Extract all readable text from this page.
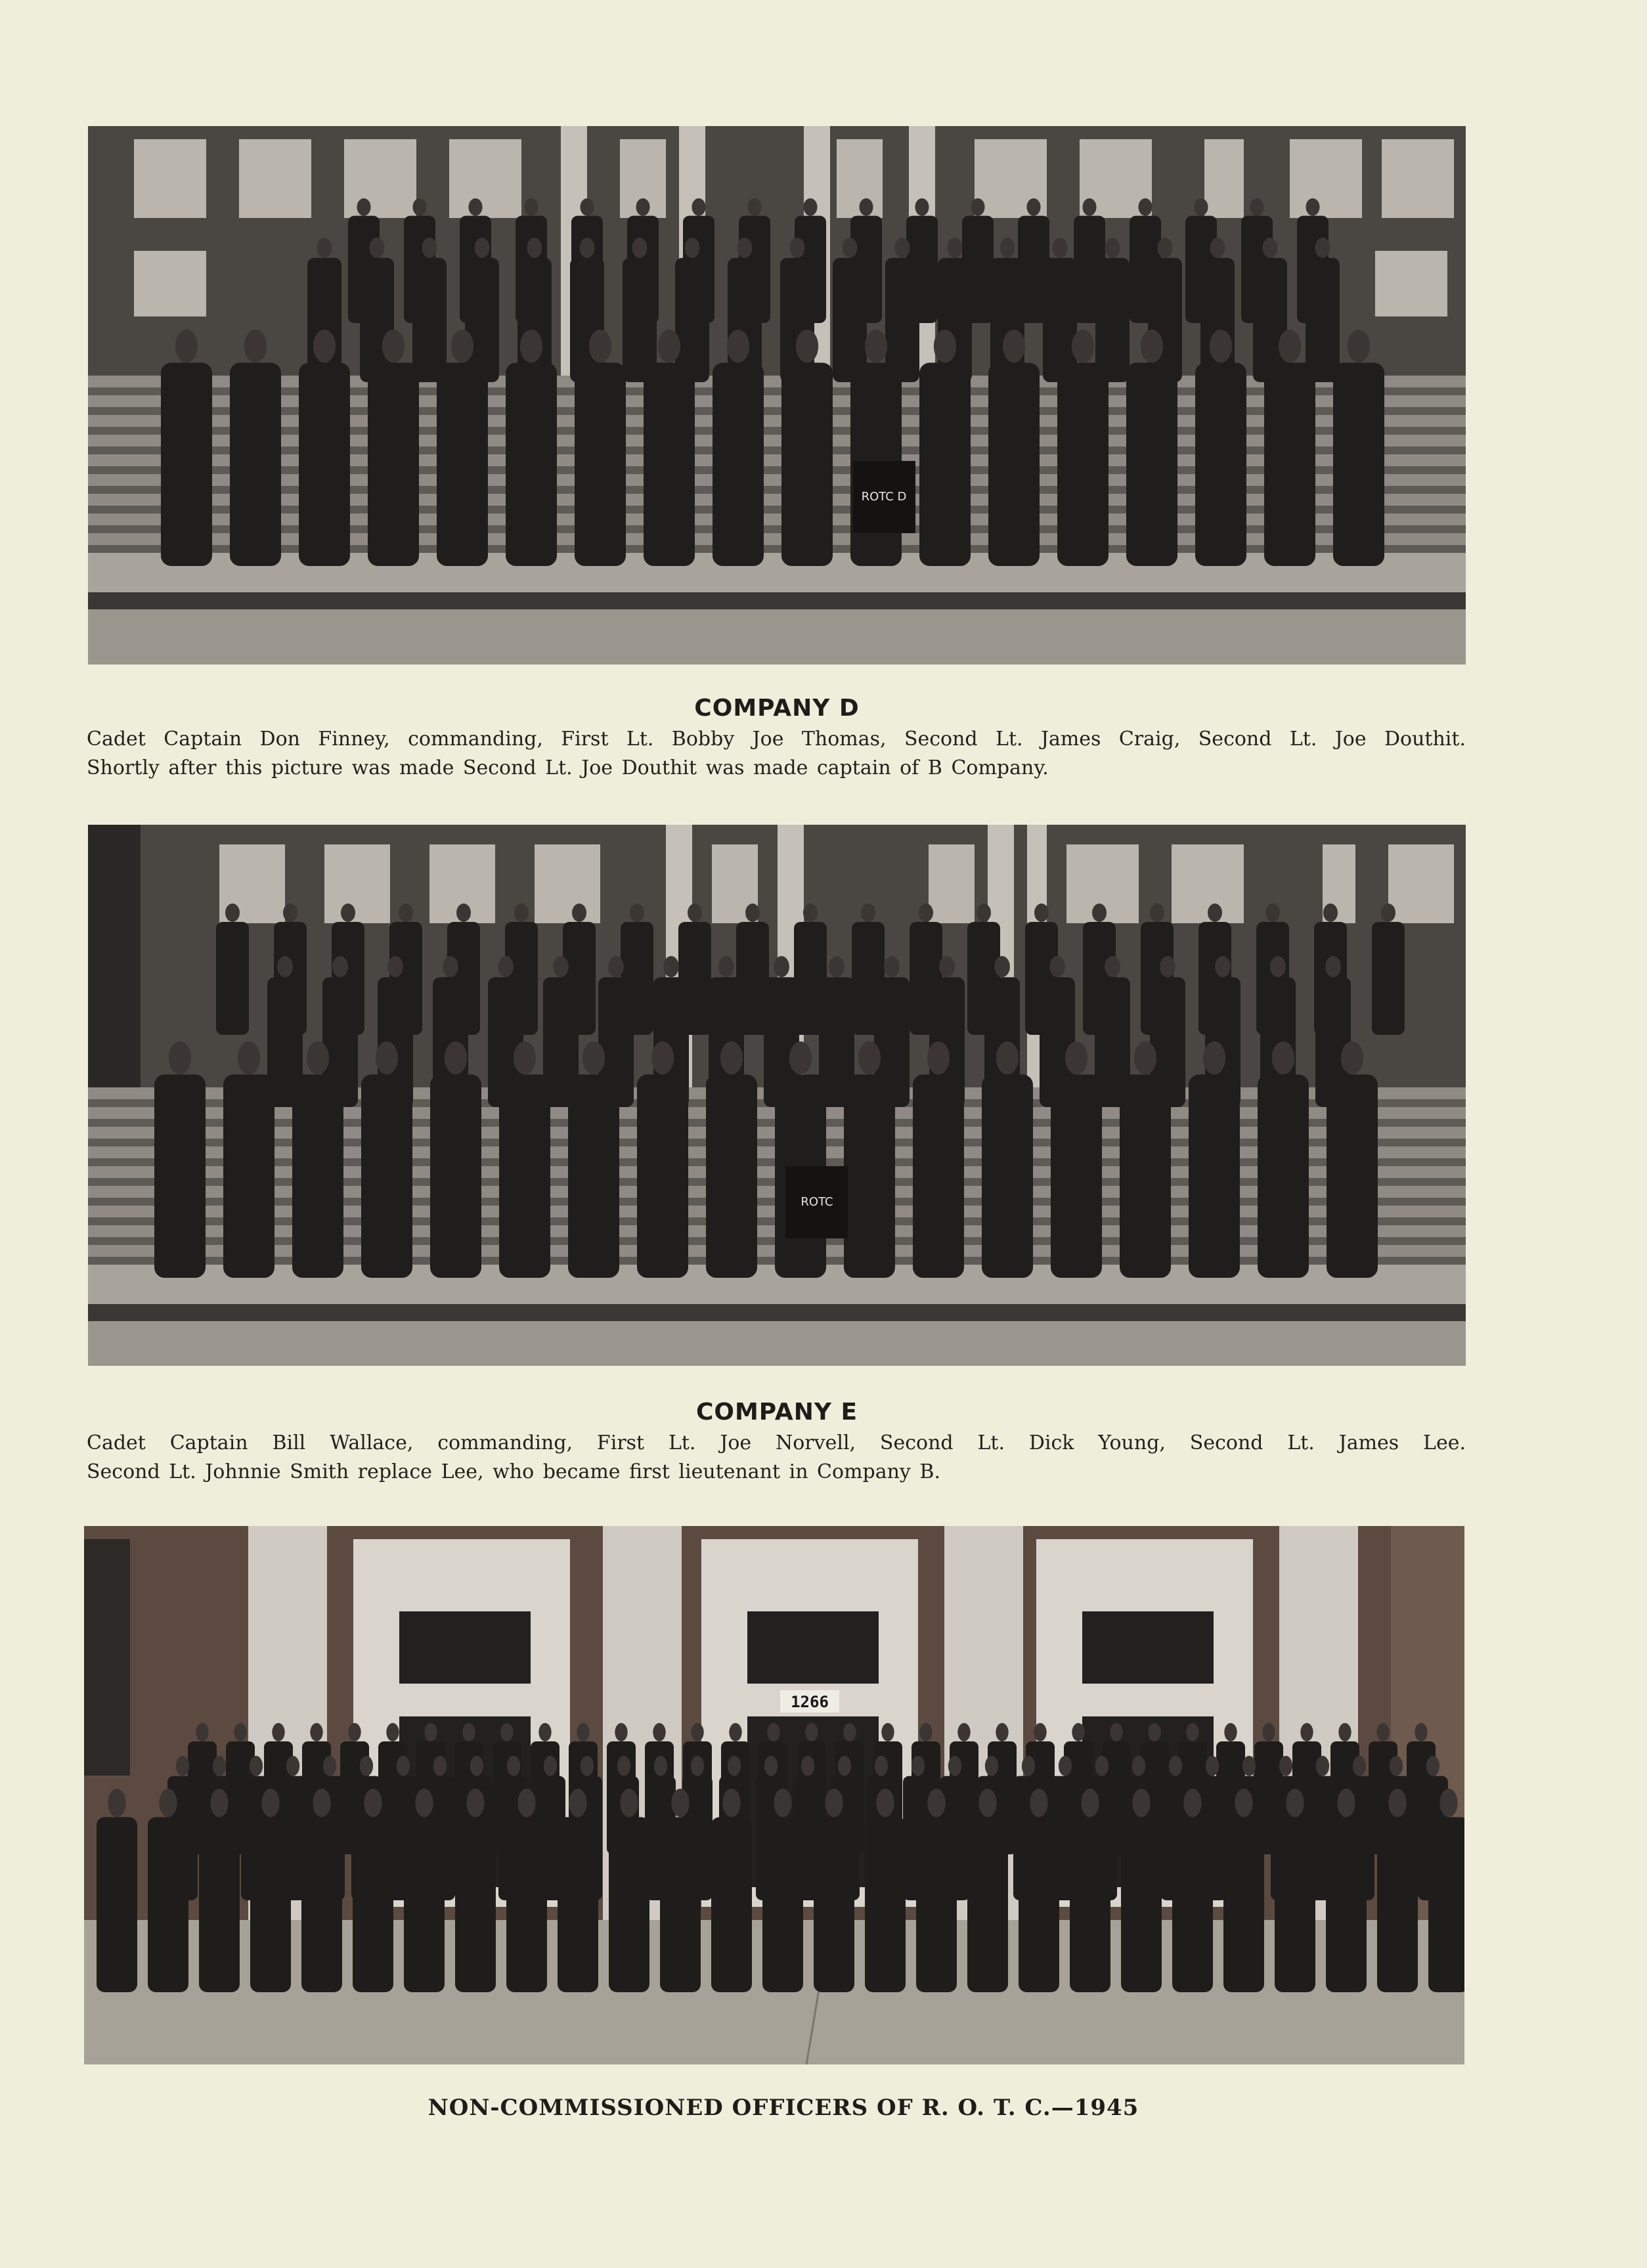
ROTC D
COMPANY D
Cadet Captain Don Finney, commanding, First Lt. Bobby Joe Thomas, Second Lt. James Craig, Second Lt. Joe Douthit.
Shortly after this picture was made Second Lt. Joe Douthit was made captain of B Company.
ROTC
COMPANY E
Cadet Captain Bill Wallace, commanding, First Lt. Joe Norvell, Second Lt. Dick Young, Second Lt. James Lee.
Second Lt. Johnnie Smith replace Lee, who became first lieutenant in Company B.
1266
NON-COMMISSIONED OFFICERS OF R. O. T. C.—1945
